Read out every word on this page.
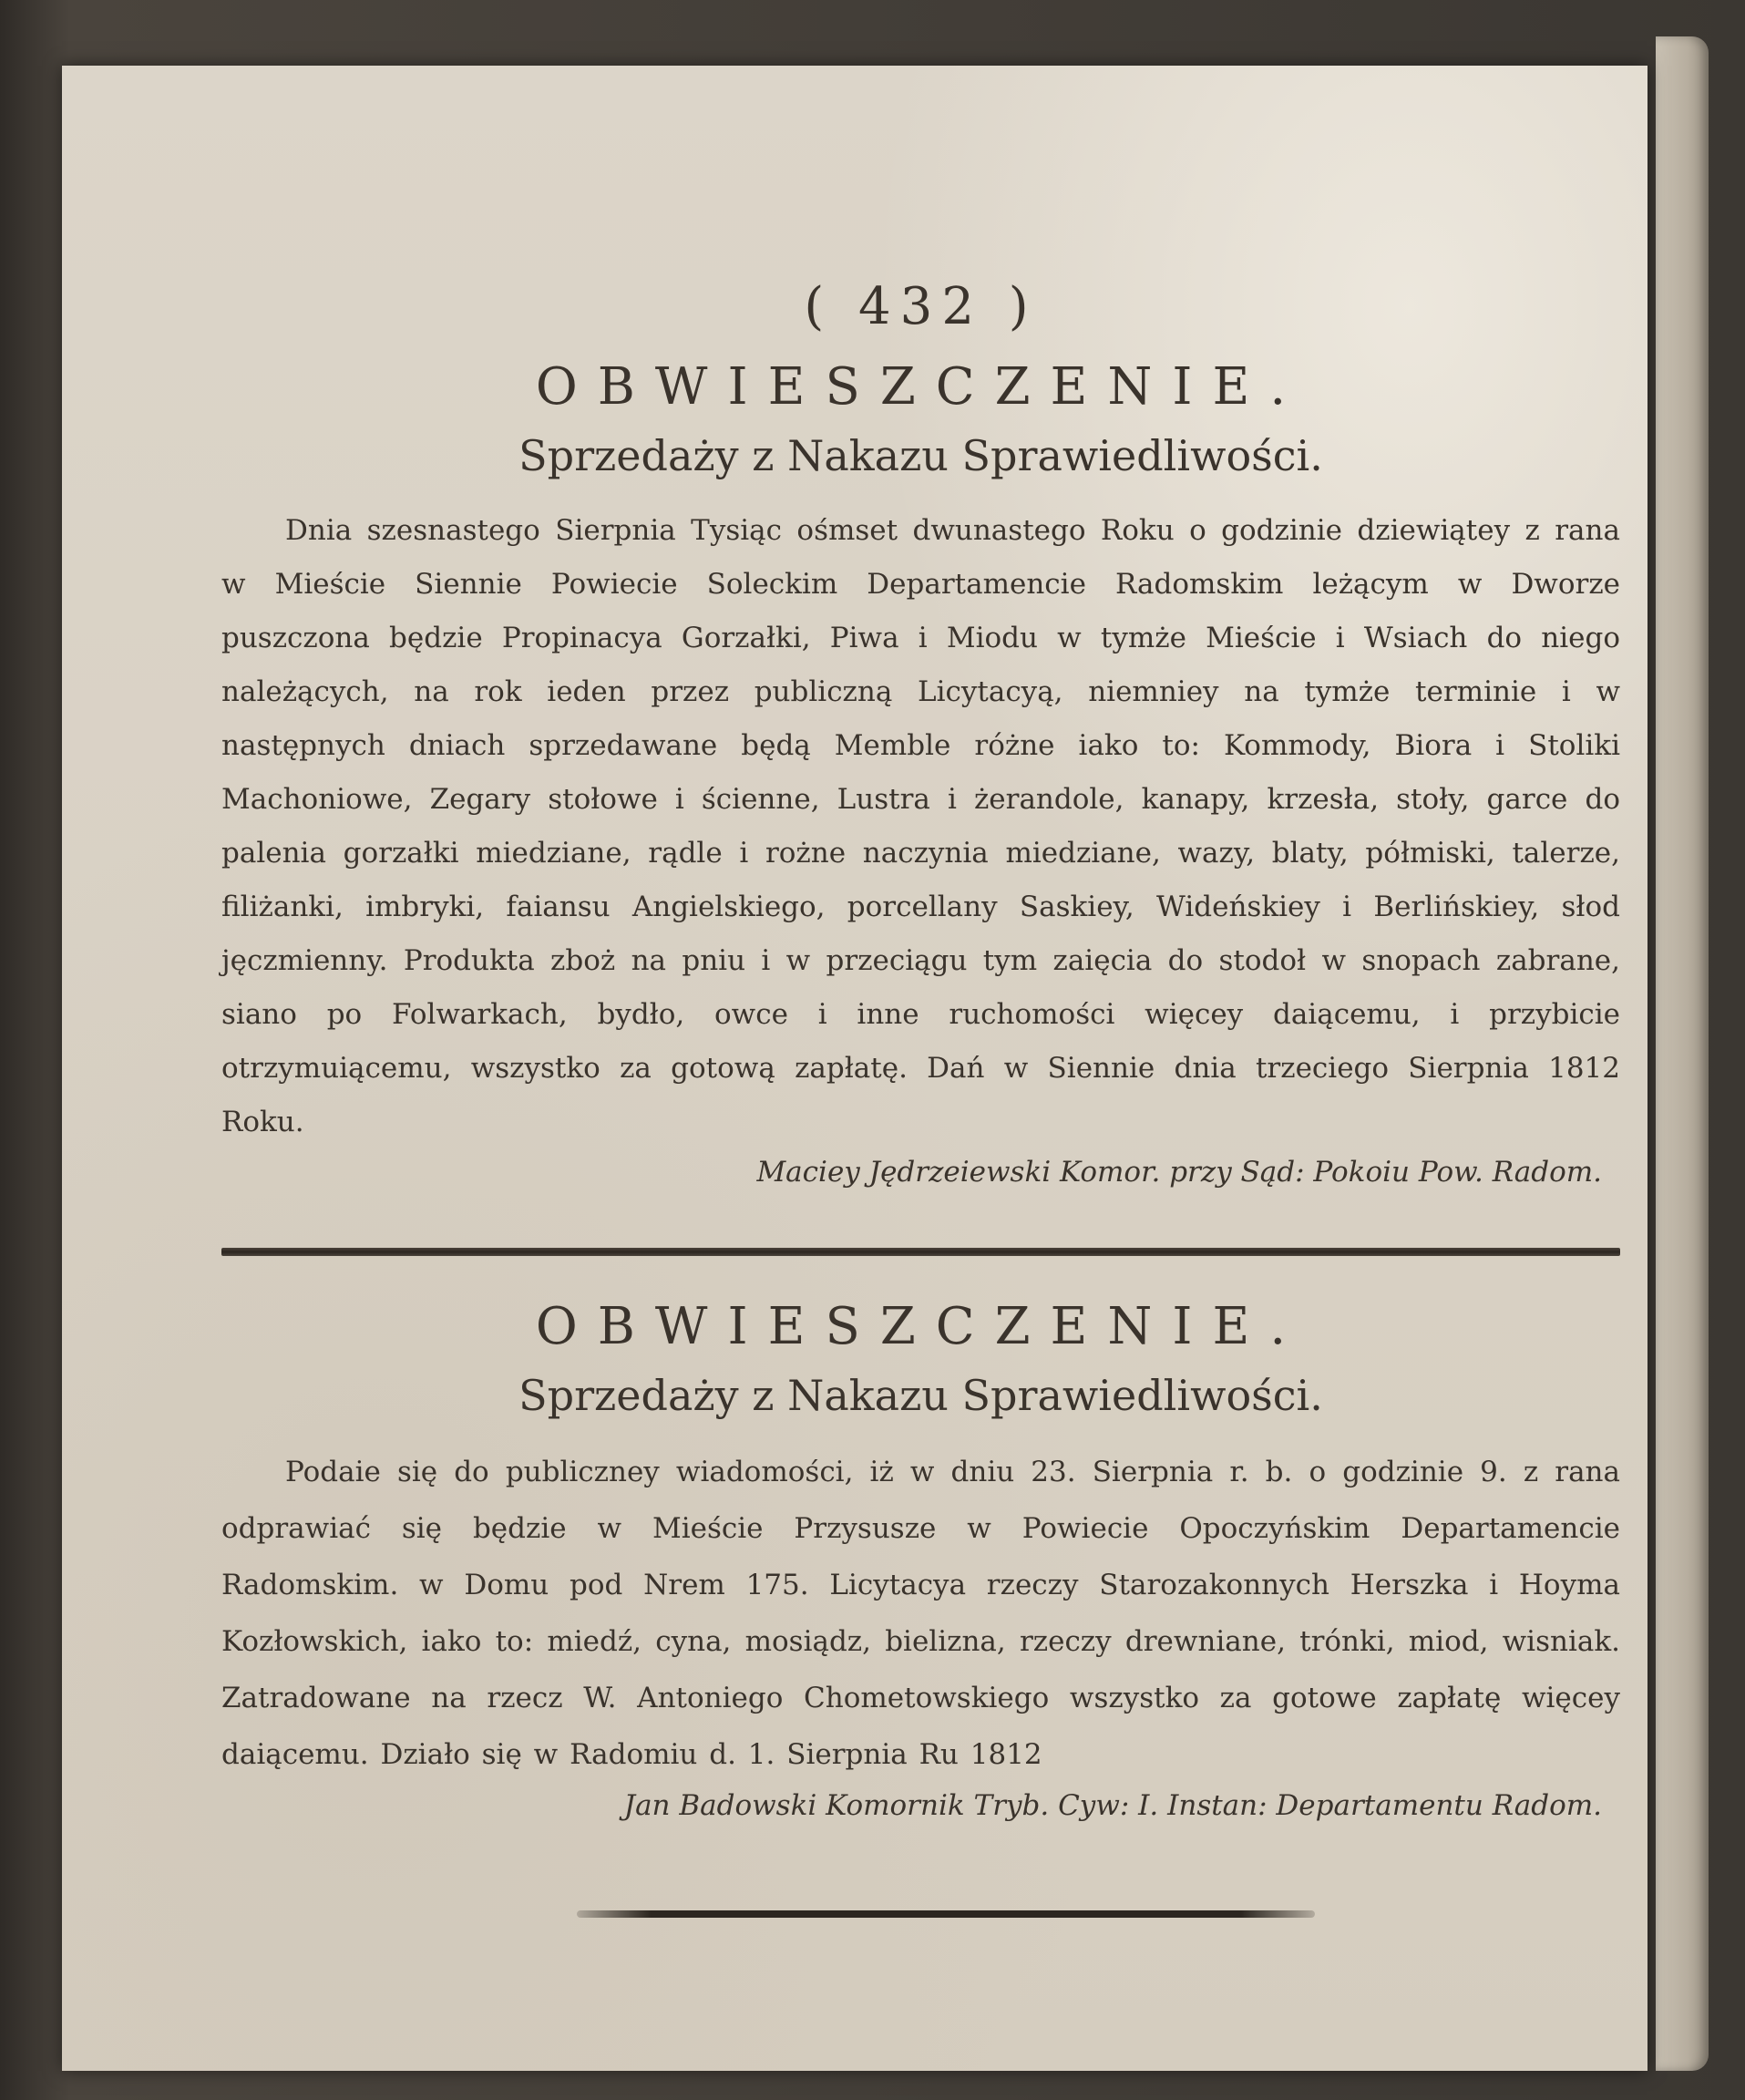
( 432 )
OBWIESZCZENIE.
Sprzedaży z Nakazu Sprawiedliwości.

Dnia szesnastego Sierpnia Tysiąc ośmset dwunastego Roku o godzinie dziewiątey z rana w Mieście Siennie Powiecie Soleckim Departamencie Radomskim leżącym w Dworze puszczona będzie Propinacya Gorzałki, Piwa i Miodu w tymże Mieście i Wsiach do niego należących, na rok ieden przez publiczną Licytacyą, niemniey na tymże terminie i w następnych dniach sprzedawane będą Memble różne iako to: Kommody, Biora i Stoliki Machoniowe, Zegary stołowe i ścienne, Lustra i żerandole, kanapy, krzesła, stoły, garce do palenia gorzałki miedziane, rądle i rożne naczynia miedziane, wazy, blaty, półmiski, talerze, filiżanki, imbryki, faiansu Angielskiego, porcellany Saskiey, Wideńskiey i Berlińskiey, słod jęczmienny. Produkta zboż na pniu i w przeciągu tym zaięcia do stodoł w snopach zabrane, siano po Folwarkach, bydło, owce i inne ruchomości więcey daiącemu, i przybicie otrzymuiącemu, wszystko za gotową zapłatę. Dań w Siennie dnia trzeciego Sierpnia 1812 Roku.

Maciey Jędrzeiewski Komor. przy Sąd: Pokoiu Pow. Radom.

OBWIESZCZENIE.
Sprzedaży z Nakazu Sprawiedliwości.

Podaie się do publiczney wiadomości, iż w dniu 23. Sierpnia r. b. o godzinie 9. z rana odprawiać się będzie w Mieście Przysusze w Powiecie Opoczyńskim Departamencie Radomskim. w Domu pod Nrem 175. Licytacya rzeczy Starozakonnych Herszka i Hoyma Kozłowskich, iako to: miedź, cyna, mosiądz, bielizna, rzeczy drewniane, trónki, miod, wisniak. Zatradowane na rzecz W. Antoniego Chometowskiego wszystko za gotowe zapłatę więcey daiącemu. Działo się w Radomiu d. 1. Sierpnia Ru 1812

Jan Badowski Komornik Tryb. Cyw: I. Instan: Departamentu Radom.
